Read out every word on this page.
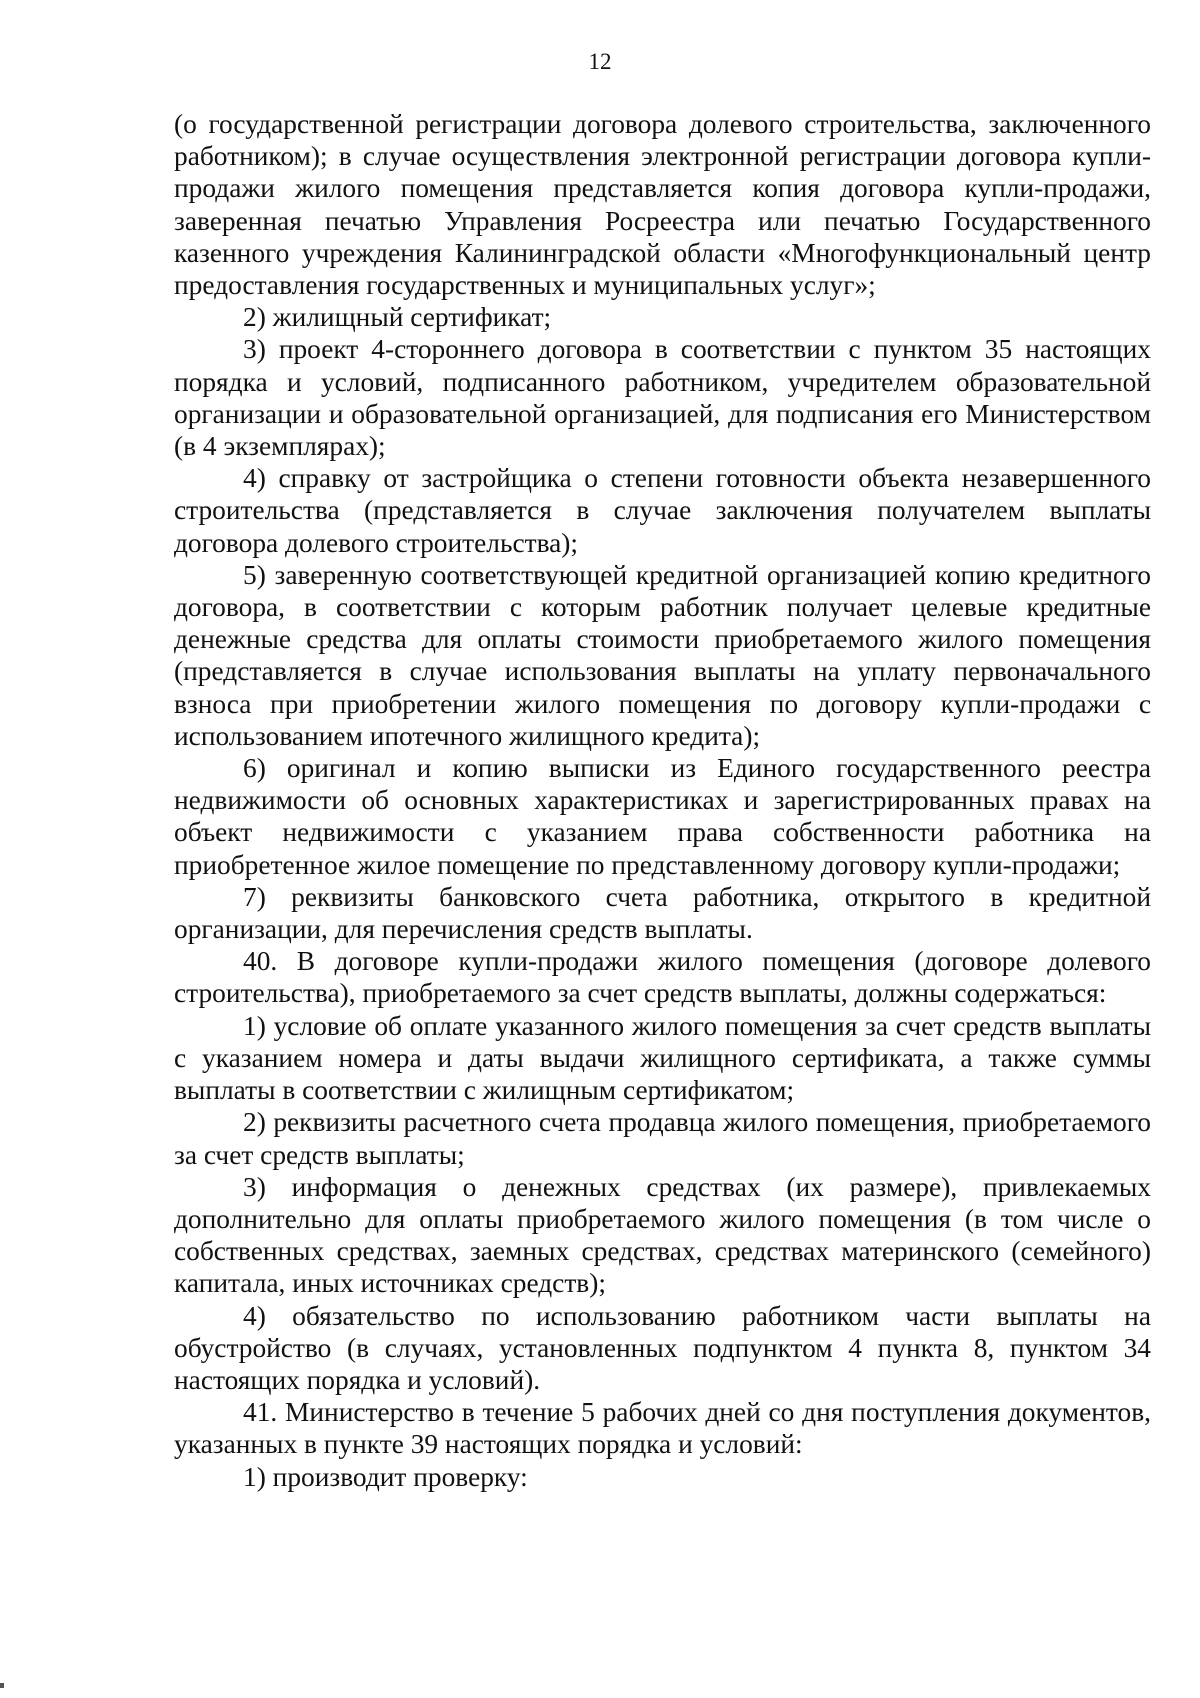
12

(о государственной регистрации договора долевого строительства, заключенного работником); в случае осуществления электронной регистрации договора купли-продажи жилого помещения представляется копия договора купли-продажи, заверенная печатью Управления Росреестра или печатью Государственного казенного учреждения Калининградской области «Многофункциональный центр предоставления государственных и муниципальных услуг»;

2) жилищный сертификат;

3) проект 4-стороннего договора в соответствии с пунктом 35 настоящих порядка и условий, подписанного работником, учредителем образовательной организации и образовательной организацией, для подписания его Министерством (в 4 экземплярах);

4) справку от застройщика о степени готовности объекта незавершенного строительства (представляется в случае заключения получателем выплаты договора долевого строительства);

5) заверенную соответствующей кредитной организацией копию кредитного договора, в соответствии с которым работник получает целевые кредитные денежные средства для оплаты стоимости приобретаемого жилого помещения (представляется в случае использования выплаты на уплату первоначального взноса при приобретении жилого помещения по договору купли-продажи с использованием ипотечного жилищного кредита);

6) оригинал и копию выписки из Единого государственного реестра недвижимости об основных характеристиках и зарегистрированных правах на объект недвижимости с указанием права собственности работника на приобретенное жилое помещение по представленному договору купли-продажи;

7) реквизиты банковского счета работника, открытого в кредитной организации, для перечисления средств выплаты.

40. В договоре купли-продажи жилого помещения (договоре долевого строительства), приобретаемого за счет средств выплаты, должны содержаться:

1) условие об оплате указанного жилого помещения за счет средств выплаты с указанием номера и даты выдачи жилищного сертификата, а также суммы выплаты в соответствии с жилищным сертификатом;

2) реквизиты расчетного счета продавца жилого помещения, приобретаемого за счет средств выплаты;

3) информация о денежных средствах (их размере), привлекаемых дополнительно для оплаты приобретаемого жилого помещения (в том числе о собственных средствах, заемных средствах, средствах материнского (семейного) капитала, иных источниках средств);

4) обязательство по использованию работником части выплаты на обустройство (в случаях, установленных подпунктом 4 пункта 8, пунктом 34 настоящих порядка и условий).

41. Министерство в течение 5 рабочих дней со дня поступления документов, указанных в пункте 39 настоящих порядка и условий:

1) производит проверку:
